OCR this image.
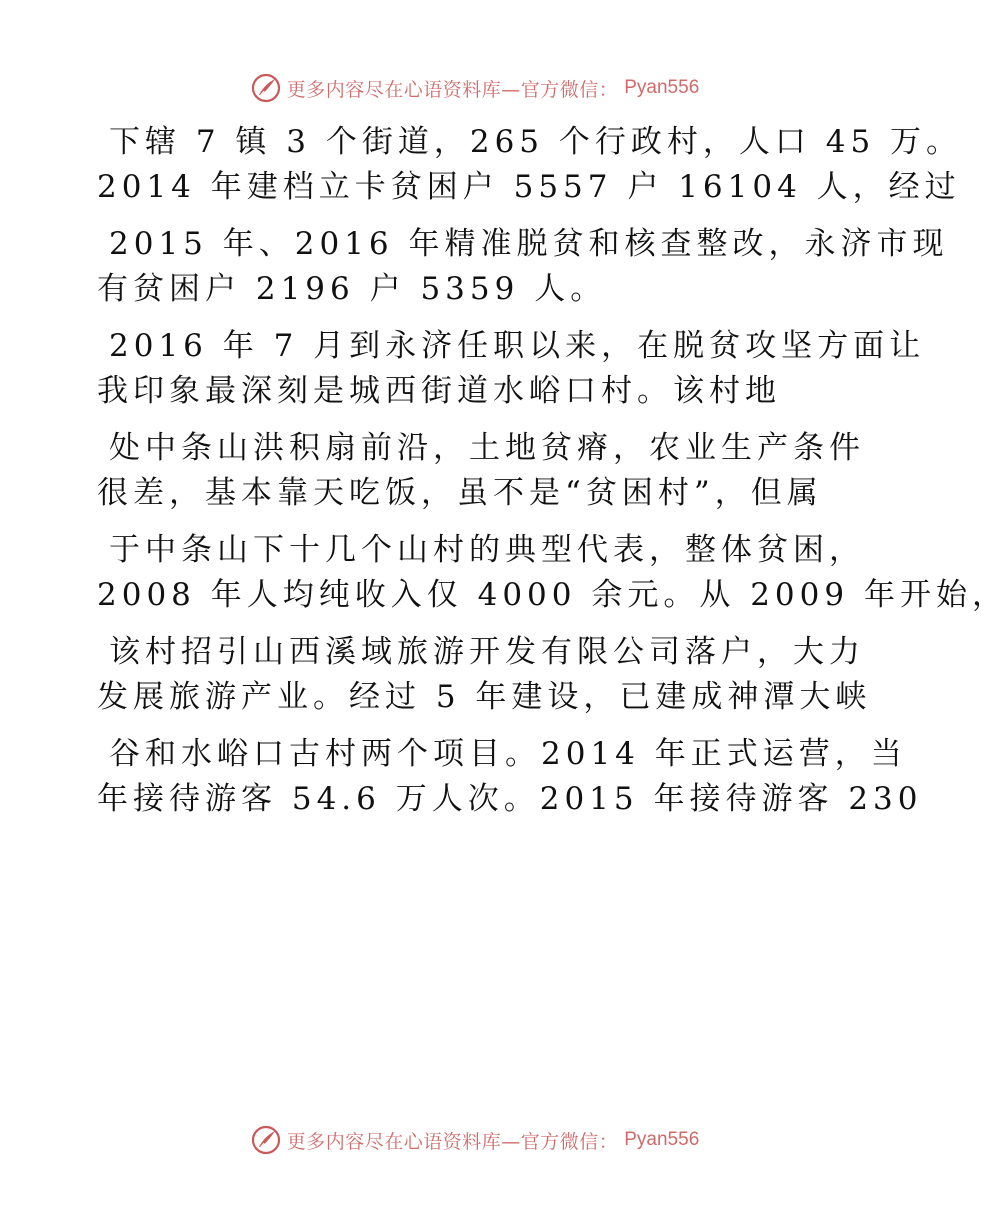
更多内容尽在心语资料库—官方微信： Pyan556
下辖 7 镇 3 个街道，265 个行政村，人口 45 万。
2014 年建档立卡贫困户 5557 户 16104 人，经过
2015 年、2016 年精准脱贫和核查整改，永济市现
有贫困户 2196 户 5359 人。
2016 年 7 月到永济任职以来，在脱贫攻坚方面让
我印象最深刻是城西街道水峪口村。该村地
处中条山洪积扇前沿，土地贫瘠，农业生产条件
很差，基本靠天吃饭，虽不是“贫困村”，但属
于中条山下十几个山村的典型代表，整体贫困，
2008 年人均纯收入仅 4000 余元。从 2009 年开始，
该村招引山西溪域旅游开发有限公司落户，大力
发展旅游产业。经过 5 年建设，已建成神潭大峡
谷和水峪口古村两个项目。2014 年正式运营，当
年接待游客 54.6 万人次。2015 年接待游客 230
更多内容尽在心语资料库—官方微信： Pyan556
